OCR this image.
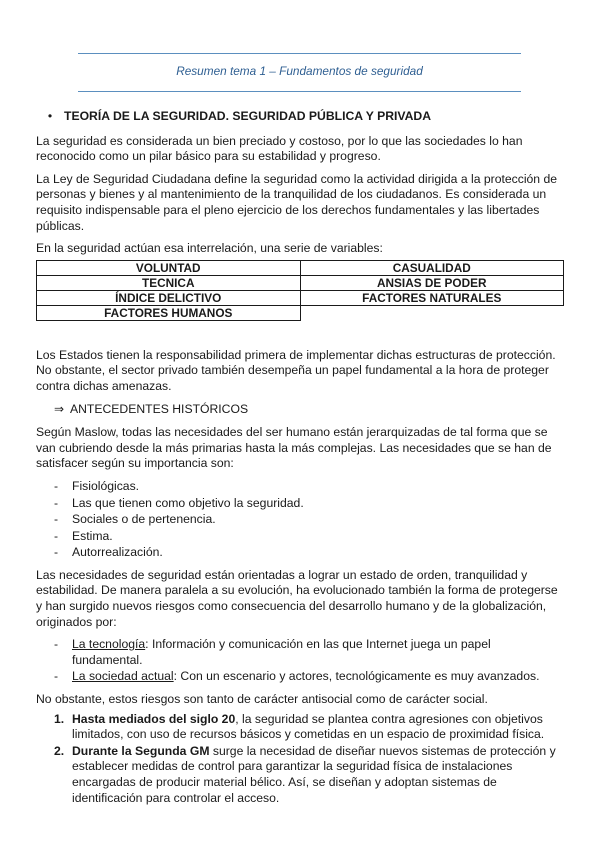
Resumen tema 1 – Fundamentos de seguridad
• TEORÍA DE LA SEGURIDAD. SEGURIDAD PÚBLICA Y PRIVADA

La seguridad es considerada un bien preciado y costoso, por lo que las sociedades lo han reconocido como un pilar básico para su estabilidad y progreso.

La Ley de Seguridad Ciudadana define la seguridad como la actividad dirigida a la protección de personas y bienes y al mantenimiento de la tranquilidad de los ciudadanos. Es considerada un requisito indispensable para el pleno ejercicio de los derechos fundamentales y las libertades públicas.

En la seguridad actúan esa interrelación, una serie de variables:

VOLUNTAD	CASUALIDAD
TECNICA	ANSIAS DE PODER
ÍNDICE DELICTIVO	FACTORES NATURALES
FACTORES HUMANOS	

Los Estados tienen la responsabilidad primera de implementar dichas estructuras de protección. No obstante, el sector privado también desempeña un papel fundamental a la hora de proteger contra dichas amenazas.

⇒ ANTECEDENTES HISTÓRICOS

Según Maslow, todas las necesidades del ser humano están jerarquizadas de tal forma que se van cubriendo desde la más primarias hasta la más complejas. Las necesidades que se han de satisfacer según su importancia son:

-	Fisiológicas.
-	Las que tienen como objetivo la seguridad.
-	Sociales o de pertenencia.
-	Estima.
-	Autorrealización.

Las necesidades de seguridad están orientadas a lograr un estado de orden, tranquilidad y estabilidad. De manera paralela a su evolución, ha evolucionado también la forma de protegerse y han surgido nuevos riesgos como consecuencia del desarrollo humano y de la globalización, originados por:

-	La tecnología: Información y comunicación en las que Internet juega un papel fundamental.
-	La sociedad actual: Con un escenario y actores, tecnológicamente es muy avanzados.

No obstante, estos riesgos son tanto de carácter antisocial como de carácter social.

1. Hasta mediados del siglo 20, la seguridad se plantea contra agresiones con objetivos limitados, con uso de recursos básicos y cometidas en un espacio de proximidad física.
2. Durante la Segunda GM surge la necesidad de diseñar nuevos sistemas de protección y establecer medidas de control para garantizar la seguridad física de instalaciones encargadas de producir material bélico. Así, se diseñan y adoptan sistemas de identificación para controlar el acceso.
